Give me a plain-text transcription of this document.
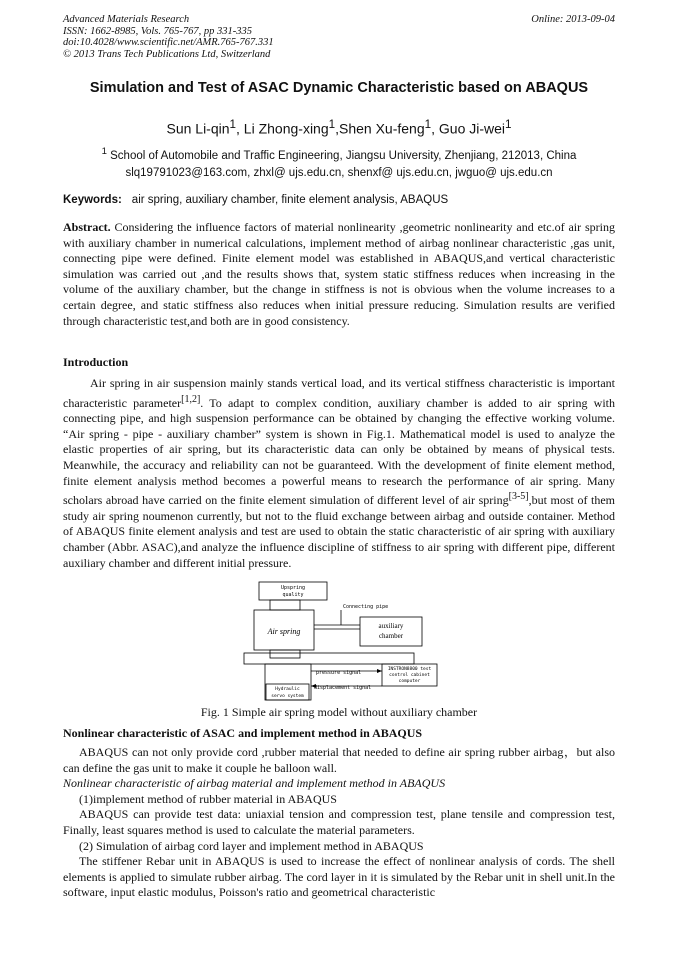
Advanced Materials Research
ISSN: 1662-8985, Vols. 765-767, pp 331-335
doi:10.4028/www.scientific.net/AMR.765-767.331
© 2013 Trans Tech Publications Ltd, Switzerland
Online: 2013-09-04
Simulation and Test of ASAC Dynamic Characteristic based on ABAQUS
Sun Li-qin$^1$, Li Zhong-xing$^1$,Shen Xu-feng$^1$, Guo Ji-wei$^1$
$^1$ School of Automobile and Traffic Engineering, Jiangsu University, Zhenjiang, 212013, China
slq19791023@163.com, zhxl@ ujs.edu.cn, shenxf@ ujs.edu.cn, jwguo@ ujs.edu.cn
Keywords: air spring, auxiliary chamber, finite element analysis, ABAQUS
Abstract. Considering the influence factors of material nonlinearity ,geometric nonlinearity and etc.of air spring with auxiliary chamber in numerical calculations, implement method of airbag nonlinear characteristic ,gas unit, connecting pipe were defined. Finite element model was established in ABAQUS,and vertical characteristic simulation was carried out ,and the results shows that, system static stiffness reduces when increasing in the volume of the auxiliary chamber, but the change in stiffness is not is obvious when the volume increases to a certain degree, and static stiffness also reduces when initial pressure reducing. Simulation results are verified through characteristic test,and both are in good consistency.
Introduction
Air spring in air suspension mainly stands vertical load, and its vertical stiffness characteristic is important characteristic parameter[1,2]. To adapt to complex condition, auxiliary chamber is added to air spring with connecting pipe, and high suspension performance can be obtained by changing the effective working volume. “Air spring - pipe - auxiliary chamber” system is shown in Fig.1. Mathematical model is used to analyze the elastic properties of air spring, but its characteristic data can only be obtained by means of physical tests. Meanwhile, the accuracy and reliability can not be guaranteed. With the development of finite element method, finite element analysis method becomes a powerful means to research the performance of air spring. Many scholars abroad have carried on the finite element simulation of different level of air spring[3-5],but most of them study air spring noumenon currently, but not to the fluid exchange between airbag and outside container. Method of ABAQUS finite element analysis and test are used to obtain the static characteristic of air spring with auxiliary chamber (Abbr. ASAC),and analyze the influence discipline of stiffness to air spring with different pipe, different auxiliary chamber and different initial pressure.
Upspring
quality
Connecting pipe
pressure signal
displacement signal
Hydraulic
servo system
INSTRON8800 test
control cabinet
computer
Air spring
auxiliary
chamber
Fig. 1 Simple air spring model without auxiliary chamber
Nonlinear characteristic of ASAC and implement method in ABAQUS

ABAQUS can not only provide cord ,rubber material that needed to define air spring rubber airbag，but also can define the gas unit to make it couple he balloon wall.

Nonlinear characteristic of airbag material and implement method in ABAQUS

(1)implement method of rubber material in ABAQUS

ABAQUS can provide test data: uniaxial tension and compression test, plane tensile and compression test, Finally, least squares method is used to calculate the material parameters.

(2) Simulation of airbag cord layer and implement method in ABAQUS

The stiffener Rebar unit in ABAQUS is used to increase the effect of nonlinear analysis of cords. The shell elements is applied to simulate rubber airbag. The cord layer in it is simulated by the Rebar unit in shell unit.In the software, input elastic modulus, Poisson's ratio and geometrical characteristic
